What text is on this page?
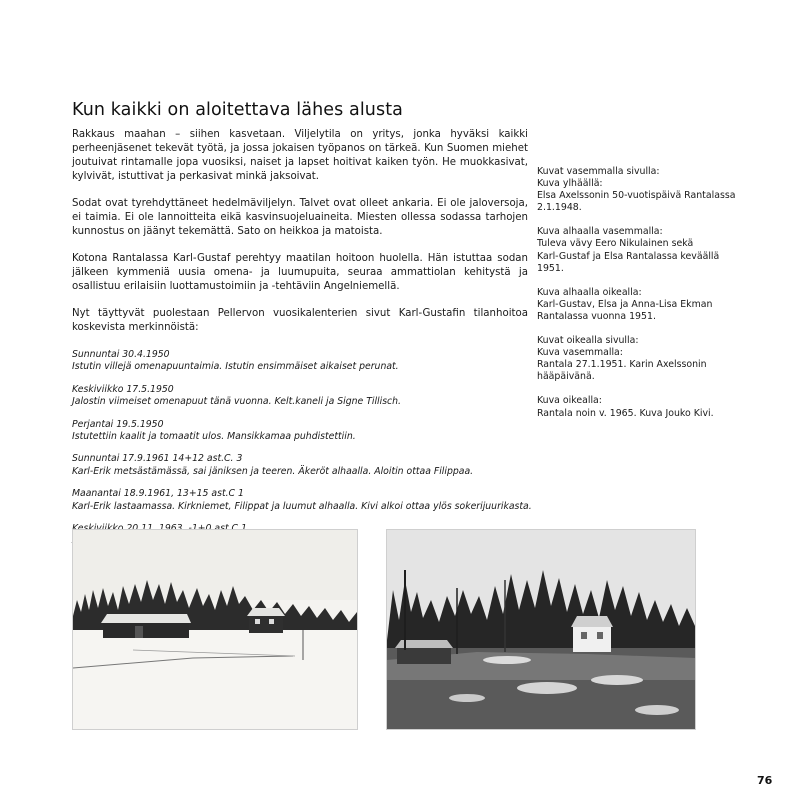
Kun kaikki on aloitettava lähes alusta

Rakkaus maahan – siihen kasvetaan. Viljelytila on yritys, jonka hyväksi kaikki perheenjäsenet tekevät työtä, ja jossa jokaisen työpanos on tärkeä. Kun Suomen miehet joutuivat rintamalle jopa vuosiksi, naiset ja lapset hoitivat kaiken työn. He muokkasivat, kylvivät, istuttivat ja perkasivat minkä jaksoivat.

Sodat ovat tyrehdyttäneet hedelmäviljelyn. Talvet ovat olleet ankaria. Ei ole jaloversoja, ei taimia. Ei ole lannoitteita eikä kasvinsuojeluaineita. Miesten ollessa sodassa tarhojen kunnostus on jäänyt tekemättä. Sato on heikkoa ja matoista.

Kotona Rantalassa Karl-Gustaf perehtyy maatilan hoitoon huolella. Hän istuttaa sodan jälkeen kymmeniä uusia omena- ja luumupuita, seuraa ammattiolan kehitystä ja osallistuu erilaisiin luottamustoimiin ja -tehtäviin Angelniemellä.

Nyt täyttyvät puolestaan Pellervon vuosikalenterien sivut Karl-Gustafin tilanhoitoa koskevista merkinnöistä:

Sunnuntai 30.4.1950
Istutin villejä omenapuuntaimia. Istutin ensimmäiset aikaiset perunat.
Keskiviikko 17.5.1950
Jalostin viimeiset omenapuut tänä vuonna. Kelt.kaneli ja Signe Tillisch.
Perjantai 19.5.1950
Istutettiin kaalit ja tomaatit ulos. Mansikkamaa puhdistettiin.
Sunnuntai 17.9.1961 14+12 ast.C. 3
Karl-Erik metsästämässä, sai jäniksen ja teeren. Äkeröt alhaalla. Aloitin ottaa Filippaa.
Maanantai 18.9.1961, 13+15 ast.C 1
Karl-Erik lastaamassa. Kirkniemet, Filippat ja luumut alhaalla. Kivi alkoi ottaa ylös sokerijuurikasta.
Kuvat vasemmalla sivulla:
Kuva ylhäällä:
Elsa Axelssonin 50-vuotispäivä Rantalassa
2.1.1948.
Kuva alhaalla vasemmalla:
Tuleva vävy Eero Nikulainen sekä
Karl-Gustaf ja Elsa Rantalassa keväällä
1951.
Kuva alhaalla oikealla:
Karl-Gustav, Elsa ja Anna-Lisa Ekman
Rantalassa vuonna 1951.
Kuvat oikealla sivulla:
Kuva vasemmalla:
Rantala 27.1.1951. Karin Axelssonin
hääpäivänä.
Kuva oikealla:
Rantala noin v. 1965. Kuva Jouko Kivi.
76
